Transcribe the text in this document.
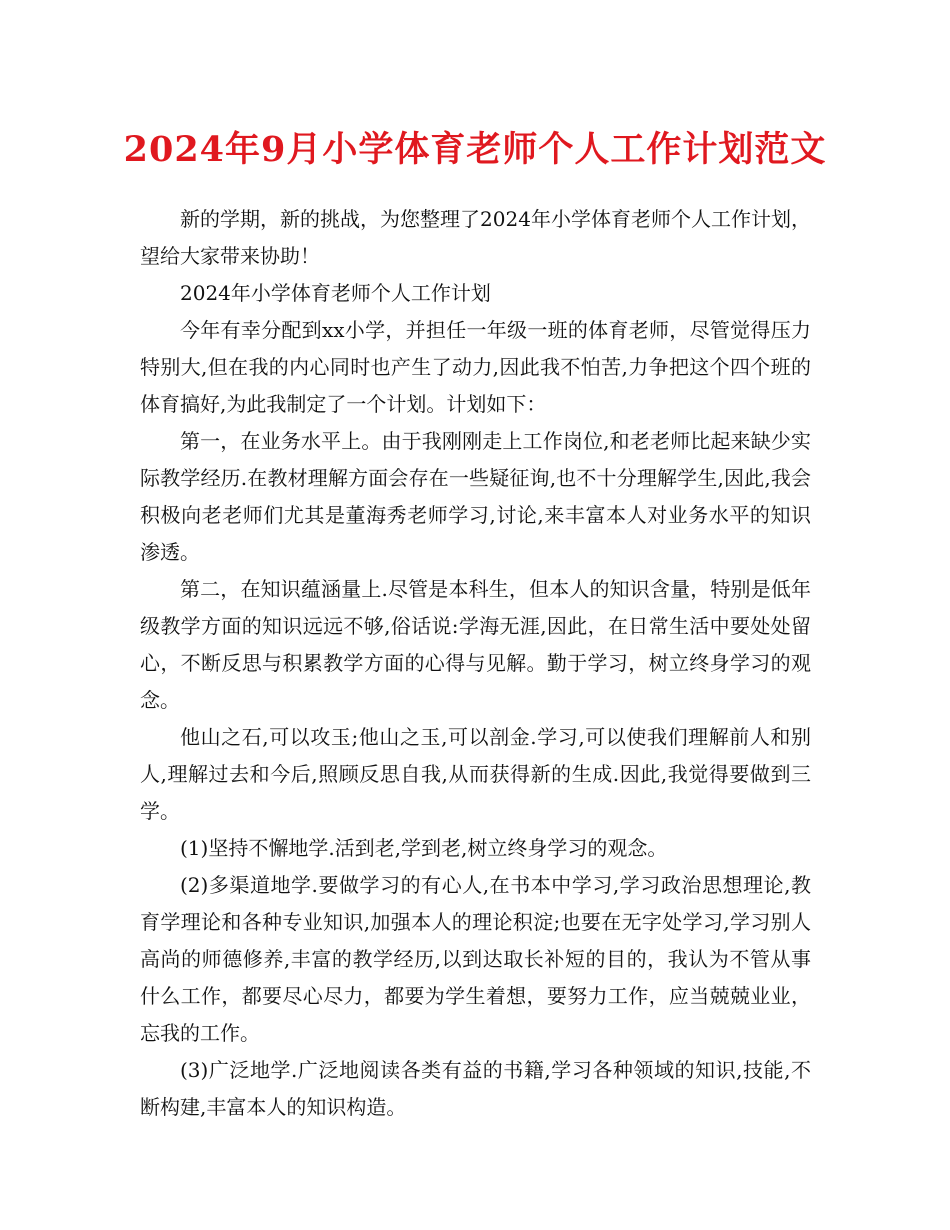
2024年9月小学体育老师个人工作计划范文

新的学期，新的挑战，为您整理了2024年小学体育老师个人工作计划，望给大家带来协助！

2024年小学体育老师个人工作计划

今年有幸分配到xx小学，并担任一年级一班的体育老师，尽管觉得压力特别大,但在我的内心同时也产生了动力,因此我不怕苦,力争把这个四个班的体育搞好,为此我制定了一个计划。计划如下：

第一，在业务水平上。由于我刚刚走上工作岗位,和老老师比起来缺少实际教学经历.在教材理解方面会存在一些疑征询,也不十分理解学生,因此,我会积极向老老师们尤其是董海秀老师学习,讨论,来丰富本人对业务水平的知识渗透。

第二，在知识蕴涵量上.尽管是本科生，但本人的知识含量，特别是低年级教学方面的知识远远不够,俗话说:学海无涯,因此，在日常生活中要处处留心，不断反思与积累教学方面的心得与见解。勤于学习，树立终身学习的观念。

他山之石,可以攻玉;他山之玉,可以剖金.学习,可以使我们理解前人和别人,理解过去和今后,照顾反思自我,从而获得新的生成.因此,我觉得要做到三学。

(1)坚持不懈地学.活到老,学到老,树立终身学习的观念。

(2)多渠道地学.要做学习的有心人,在书本中学习,学习政治思想理论,教育学理论和各种专业知识,加强本人的理论积淀;也要在无字处学习,学习别人高尚的师德修养,丰富的教学经历,以到达取长补短的目的，我认为不管从事什么工作，都要尽心尽力，都要为学生着想，要努力工作，应当兢兢业业，忘我的工作。

(3)广泛地学.广泛地阅读各类有益的书籍,学习各种领域的知识,技能,不断构建,丰富本人的知识构造。
